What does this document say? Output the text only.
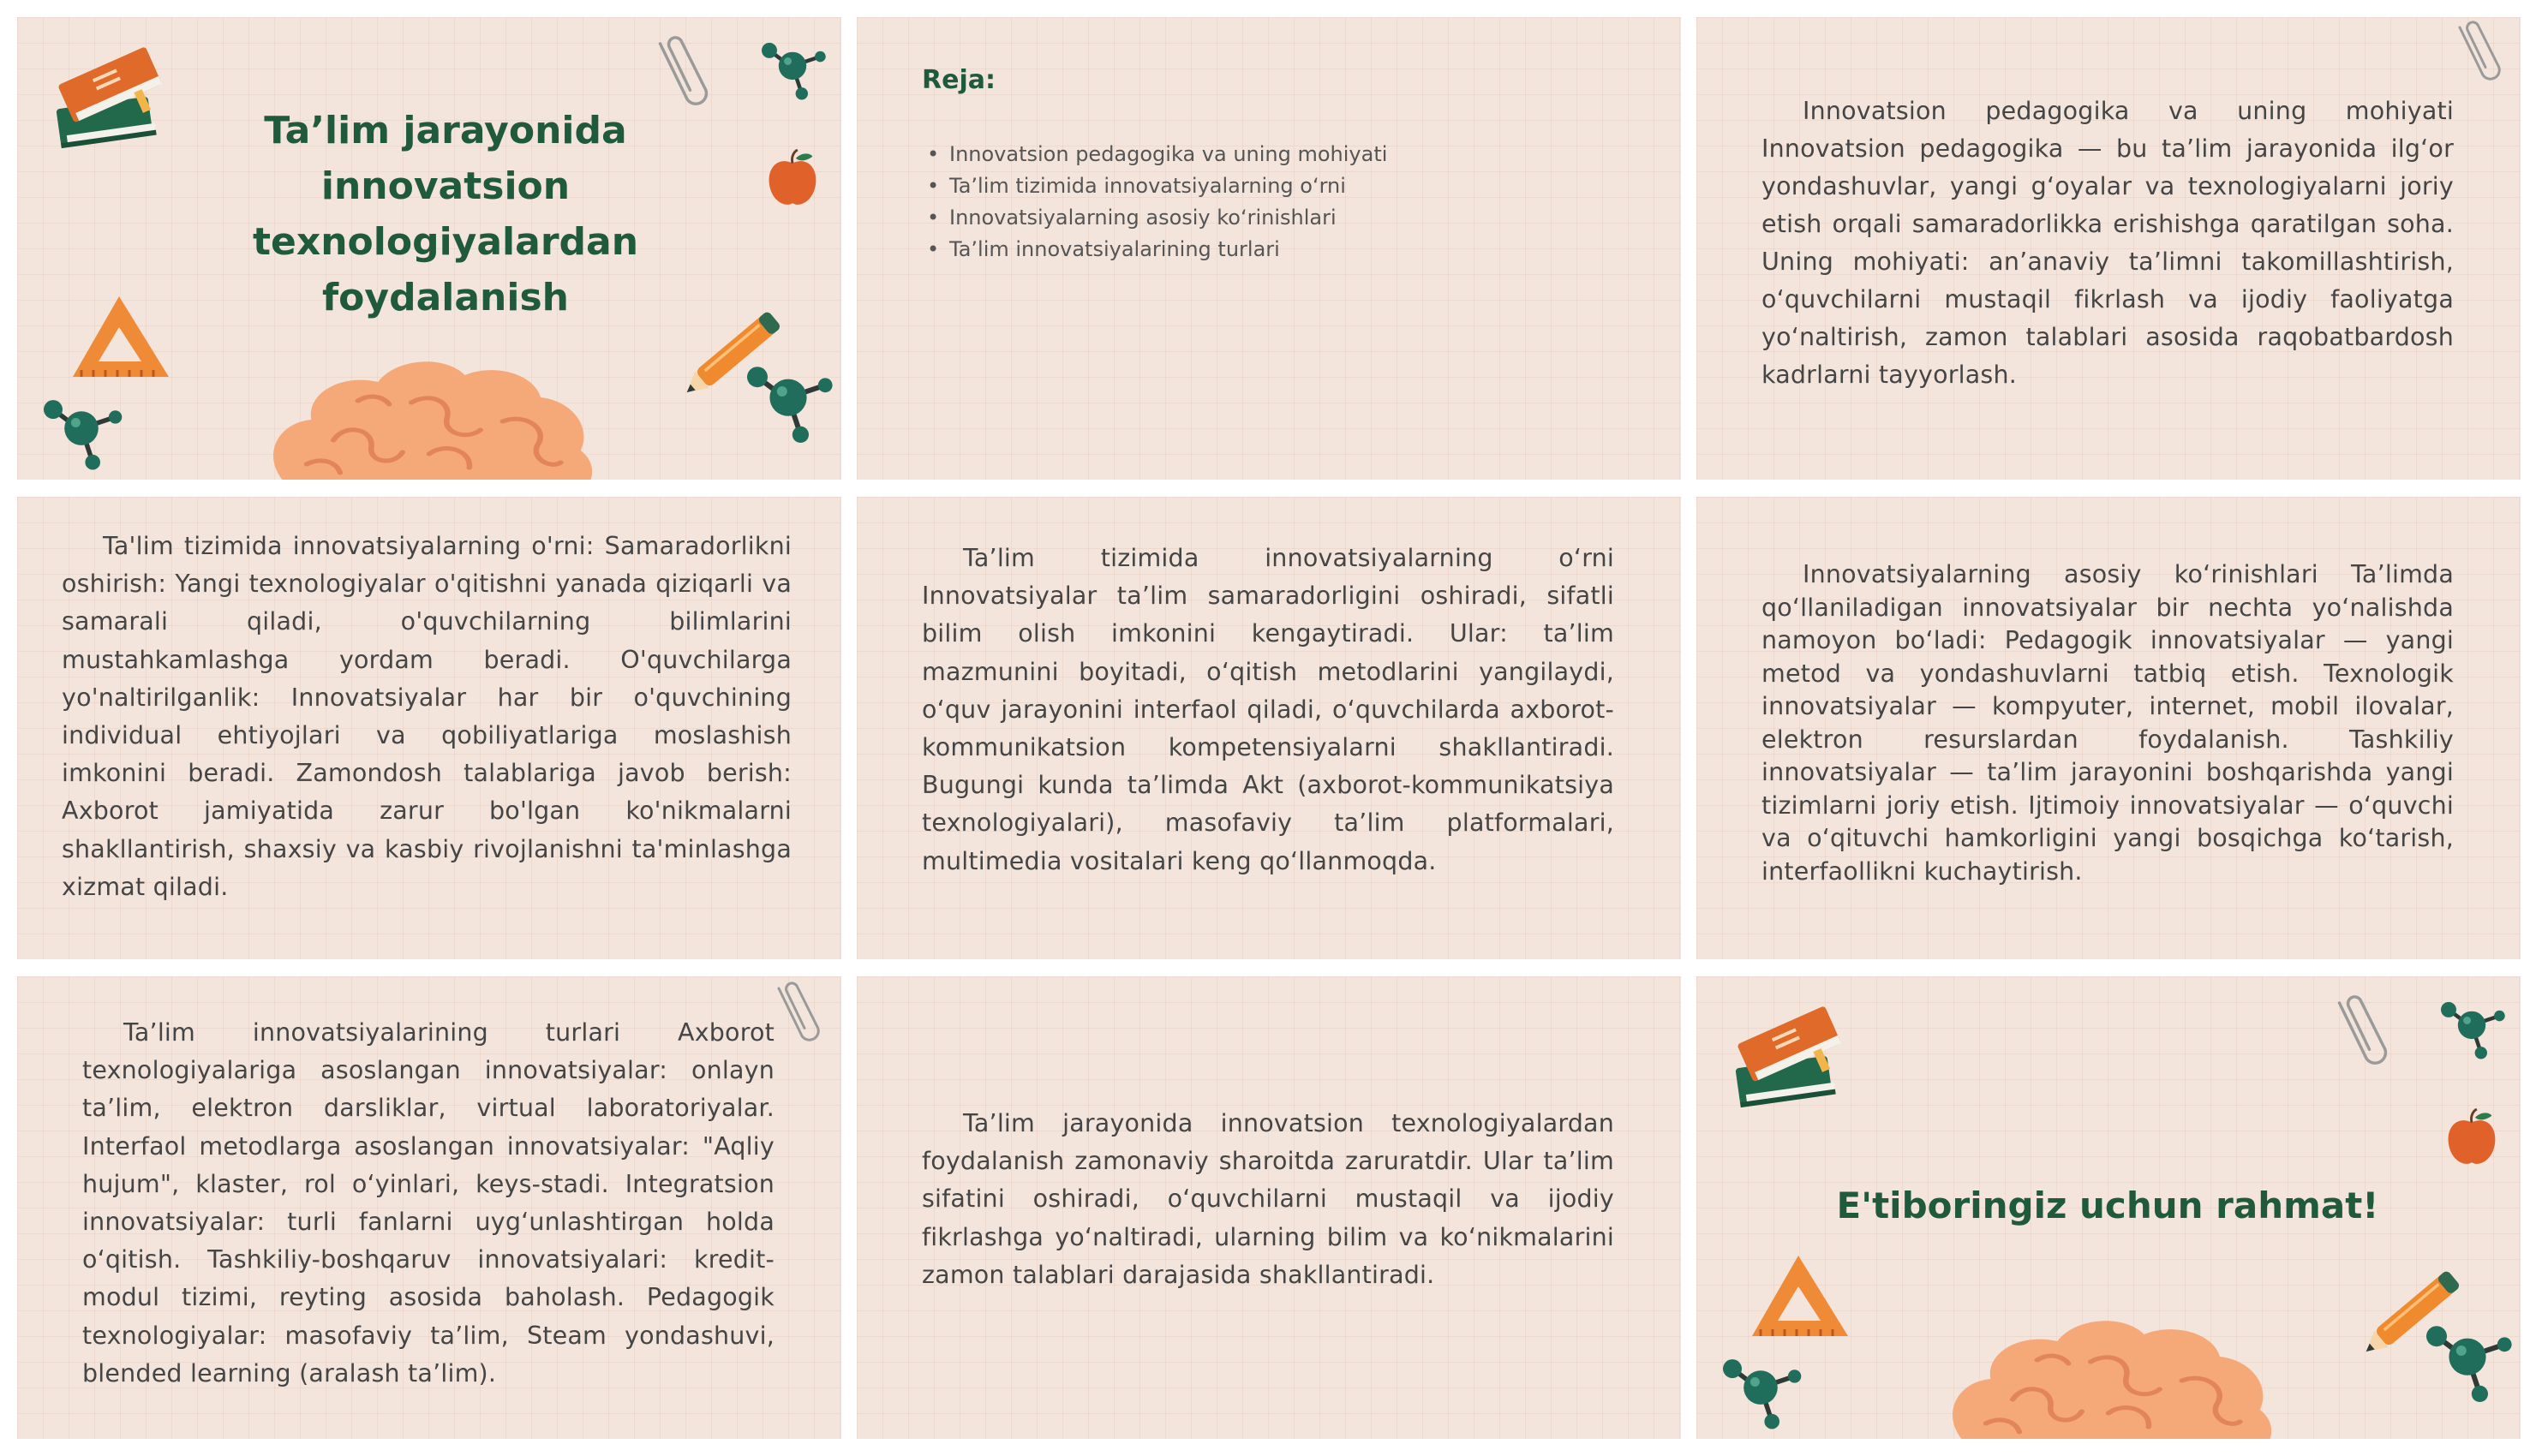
Ta’lim jarayonida innovatsion texnologiyalardan foydalanish
Reja:
• Innovatsion pedagogika va uning mohiyati
• Ta’lim tizimida innovatsiyalarning o‘rni
• Innovatsiyalarning asosiy ko‘rinishlari
• Ta’lim innovatsiyalarining turlari
Innovatsion pedagogika va uning mohiyati Innovatsion pedagogika — bu ta’lim jarayonida ilg‘or yondashuvlar, yangi g‘oyalar va texnologiyalarni joriy etish orqali samaradorlikka erishishga qaratilgan soha. Uning mohiyati: an’anaviy ta’limni takomillashtirish, o‘quvchilarni mustaqil fikrlash va ijodiy faoliyatga yo‘naltirish, zamon talablari asosida raqobatbardosh kadrlarni tayyorlash.
Ta'lim tizimida innovatsiyalarning o'rni: Samaradorlikni oshirish: Yangi texnologiyalar o'qitishni yanada qiziqarli va samarali qiladi, o'quvchilarning bilimlarini mustahkamlashga yordam beradi. O'quvchilarga yo'naltirilganlik: Innovatsiyalar har bir o'quvchining individual ehtiyojlari va qobiliyatlariga moslashish imkonini beradi. Zamondosh talablariga javob berish: Axborot jamiyatida zarur bo'lgan ko'nikmalarni shakllantirish, shaxsiy va kasbiy rivojlanishni ta'minlashga xizmat qiladi.
Ta’lim tizimida innovatsiyalarning o‘rni Innovatsiyalar ta’lim samaradorligini oshiradi, sifatli bilim olish imkonini kengaytiradi. Ular: ta’lim mazmunini boyitadi, o‘qitish metodlarini yangilaydi, o‘quv jarayonini interfaol qiladi, o‘quvchilarda axborot-kommunikatsion kompetensiyalarni shakllantiradi. Bugungi kunda ta’limda Akt (axborot-kommunikatsiya texnologiyalari), masofaviy ta’lim platformalari, multimedia vositalari keng qo‘llanmoqda.
Innovatsiyalarning asosiy ko‘rinishlari Ta’limda qo‘llaniladigan innovatsiyalar bir nechta yo‘nalishda namoyon bo‘ladi: Pedagogik innovatsiyalar — yangi metod va yondashuvlarni tatbiq etish. Texnologik innovatsiyalar — kompyuter, internet, mobil ilovalar, elektron resurslardan foydalanish. Tashkiliy innovatsiyalar — ta’lim jarayonini boshqarishda yangi tizimlarni joriy etish. Ijtimoiy innovatsiyalar — o‘quvchi va o‘qituvchi hamkorligini yangi bosqichga ko‘tarish, interfaollikni kuchaytirish.
Ta’lim innovatsiyalarining turlari Axborot texnologiyalariga asoslangan innovatsiyalar: onlayn ta’lim, elektron darsliklar, virtual laboratoriyalar. Interfaol metodlarga asoslangan innovatsiyalar: "Aqliy hujum", klaster, rol o‘yinlari, keys-stadi. Integratsion innovatsiyalar: turli fanlarni uyg‘unlashtirgan holda o‘qitish. Tashkiliy-boshqaruv innovatsiyalari: kredit-modul tizimi, reyting asosida baholash. Pedagogik texnologiyalar: masofaviy ta’lim, Steam yondashuvi, blended learning (aralash ta’lim).
Ta’lim jarayonida innovatsion texnologiyalardan foydalanish zamonaviy sharoitda zaruratdir. Ular ta’lim sifatini oshiradi, o‘quvchilarni mustaqil va ijodiy fikrlashga yo‘naltiradi, ularning bilim va ko‘nikmalarini zamon talablari darajasida shakllantiradi.
E'tiboringiz uchun rahmat!
